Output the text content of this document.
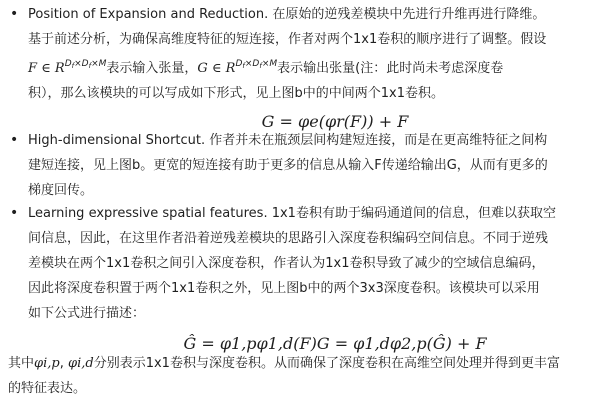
• Position of Expansion and Reduction. 在原始的逆残差模块中先进行升维再进行降维。

基于前述分析，为确保高维度特征的短连接，作者对两个1x1卷积的顺序进行了调整。假设

F ∈ $R^{D_f\times D_f\times M}$表示输入张量，G ∈ $R^{D_f\times D_f\times M}$表示输出张量(注：此时尚未考虑深度卷

积），那么该模块的可以写成如下形式，见上图b中的中间两个1x1卷积。

G = φe(φr(F)) + F

• High-dimensional Shortcut. 作者并未在瓶颈层间构建短连接，而是在更高维特征之间构

建短连接，见上图b。更宽的短连接有助于更多的信息从输入F传递给输出G，从而有更多的

梯度回传。

• Learning expressive spatial features. 1x1卷积有助于编码通道间的信息，但难以获取空

间信息，因此，在这里作者沿着逆残差模块的思路引入深度卷积编码空间信息。不同于逆残

差模块在两个1x1卷积之间引入深度卷积，作者认为1x1卷积导致了减少的空域信息编码，

因此将深度卷积置于两个1x1卷积之外，见上图b中的两个3x3深度卷积。该模块可以采用

如下公式进行描述：

Ĝ = φ1,pφ1,d(F)G = φ1,dφ2,p(Ĝ) + F

其中φi,p, φi,d分别表示1x1卷积与深度卷积。从而确保了深度卷积在高维空间处理并得到更丰富

的特征表达。
